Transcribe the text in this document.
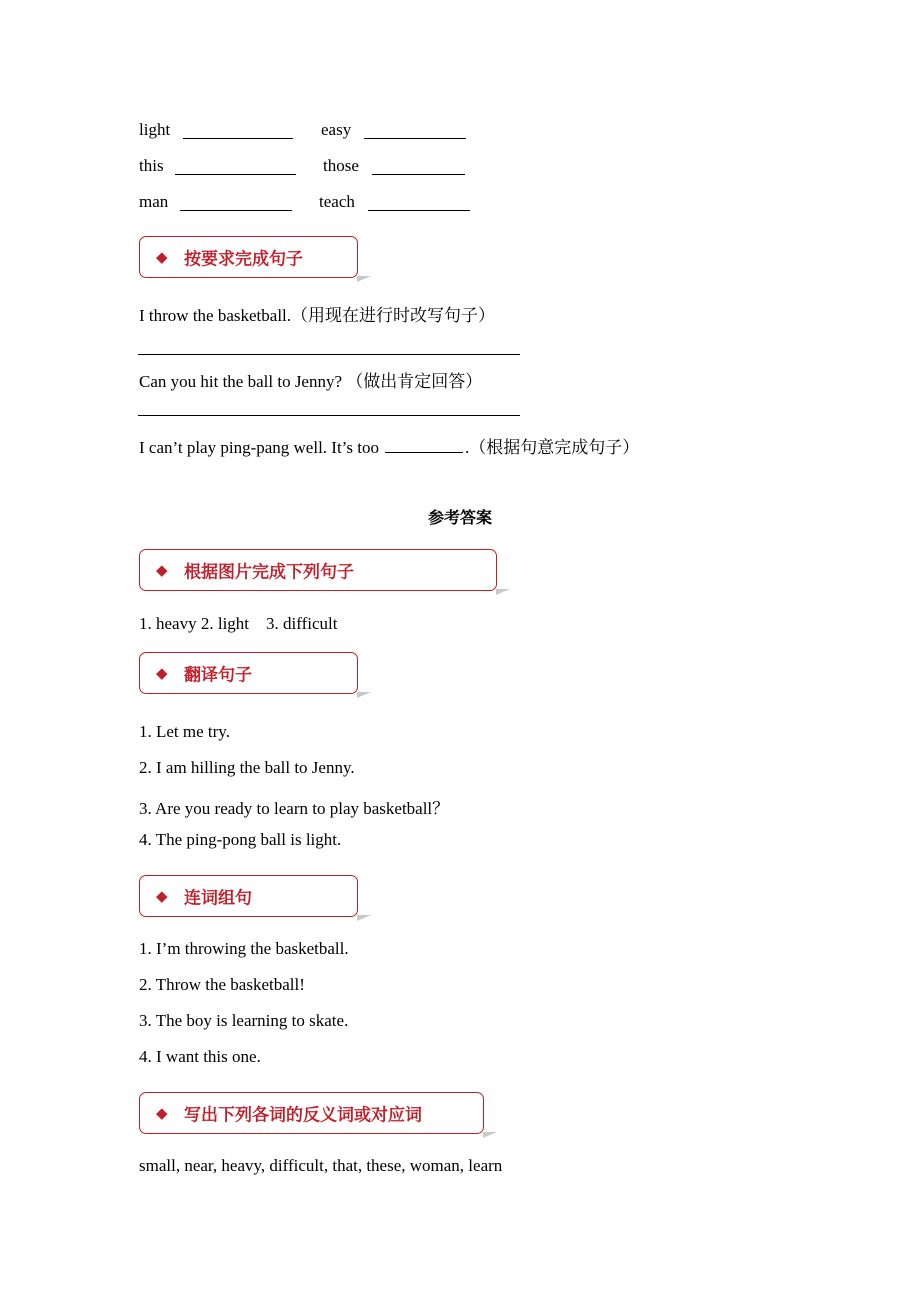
light	easy
this	those
man	teach
◆ 按要求完成句子
I throw the basketball.（用现在进行时改写句子）
Can you hit the ball to Jenny? （做出肯定回答）
I can’t play ping-pang well. It’s too	.（根据句意完成句子）
参考答案
◆ 根据图片完成下列句子
1. heavy 2. light    3. difficult
◆ 翻译句子
1. Let me try.
2. I am hilling the ball to Jenny.
3. Are you ready to learn to play basketball？
4. The ping-pong ball is light.
◆ 连词组句
1. I’m throwing the basketball.
2. Throw the basketball!
3. The boy is learning to skate.
4. I want this one.
◆ 写出下列各词的反义词或对应词
small, near, heavy, difficult, that, these, woman, learn
